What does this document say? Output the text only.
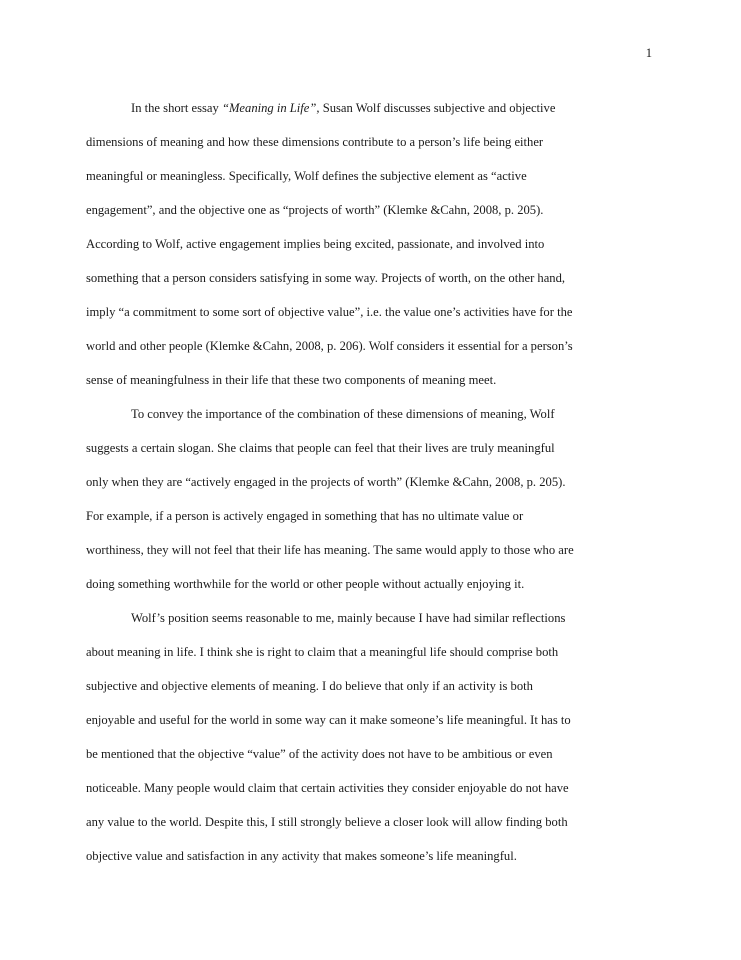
1
In the short essay “Meaning in Life”, Susan Wolf discusses subjective and objective
dimensions of meaning and how these dimensions contribute to a person’s life being either
meaningful or meaningless. Specifically, Wolf defines the subjective element as “active
engagement”, and the objective one as “projects of worth” (Klemke &Cahn, 2008, p. 205).
According to Wolf, active engagement implies being excited, passionate, and involved into
something that a person considers satisfying in some way. Projects of worth, on the other hand,
imply “a commitment to some sort of objective value”, i.e. the value one’s activities have for the
world and other people (Klemke &Cahn, 2008, p. 206). Wolf considers it essential for a person’s
sense of meaningfulness in their life that these two components of meaning meet.
To convey the importance of the combination of these dimensions of meaning, Wolf
suggests a certain slogan. She claims that people can feel that their lives are truly meaningful
only when they are “actively engaged in the projects of worth” (Klemke &Cahn, 2008, p. 205).
For example, if a person is actively engaged in something that has no ultimate value or
worthiness, they will not feel that their life has meaning. The same would apply to those who are
doing something worthwhile for the world or other people without actually enjoying it.
Wolf’s position seems reasonable to me, mainly because I have had similar reflections
about meaning in life. I think she is right to claim that a meaningful life should comprise both
subjective and objective elements of meaning. I do believe that only if an activity is both
enjoyable and useful for the world in some way can it make someone’s life meaningful. It has to
be mentioned that the objective “value” of the activity does not have to be ambitious or even
noticeable. Many people would claim that certain activities they consider enjoyable do not have
any value to the world. Despite this, I still strongly believe a closer look will allow finding both
objective value and satisfaction in any activity that makes someone’s life meaningful.
